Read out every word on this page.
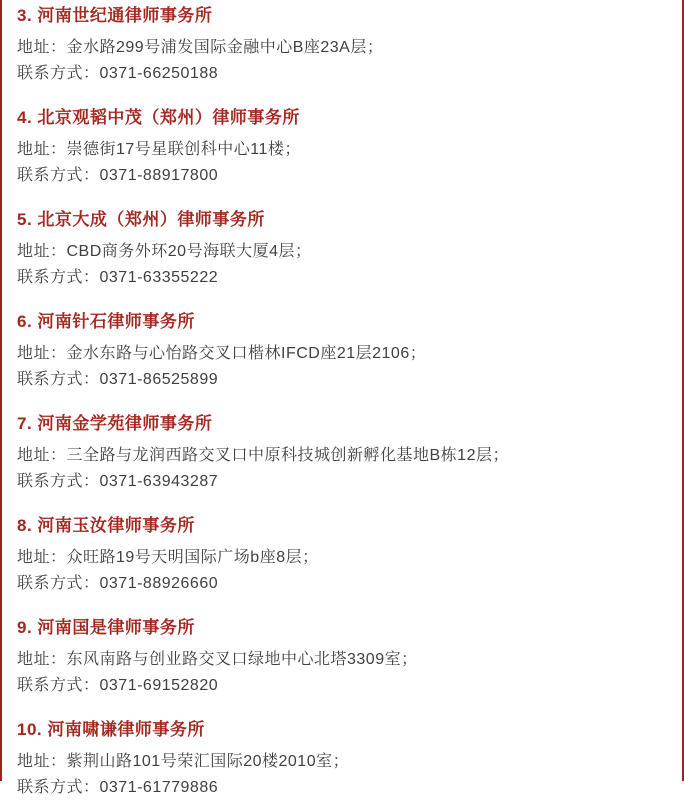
3. 河南世纪通律师事务所

地址：金水路299号浦发国际金融中心B座23A层；

联系方式：0371-66250188

4. 北京观韬中茂（郑州）律师事务所

地址：崇德街17号星联创科中心11楼；

联系方式：0371-88917800

5. 北京大成（郑州）律师事务所

地址：CBD商务外环20号海联大厦4层；

联系方式：0371-63355222

6. 河南针石律师事务所

地址：金水东路与心怡路交叉口楷林IFCD座21层2106；

联系方式：0371-86525899

7. 河南金学苑律师事务所

地址：三全路与龙润西路交叉口中原科技城创新孵化基地B栋12层；

联系方式：0371-63943287

8. 河南玉汝律师事务所

地址：众旺路19号天明国际广场b座8层；

联系方式：0371-88926660

9. 河南国是律师事务所

地址：东风南路与创业路交叉口绿地中心北塔3309室；

联系方式：0371-69152820

10. 河南啸谦律师事务所

地址：紫荆山路101号荣汇国际20楼2010室；

联系方式：0371-61779886
